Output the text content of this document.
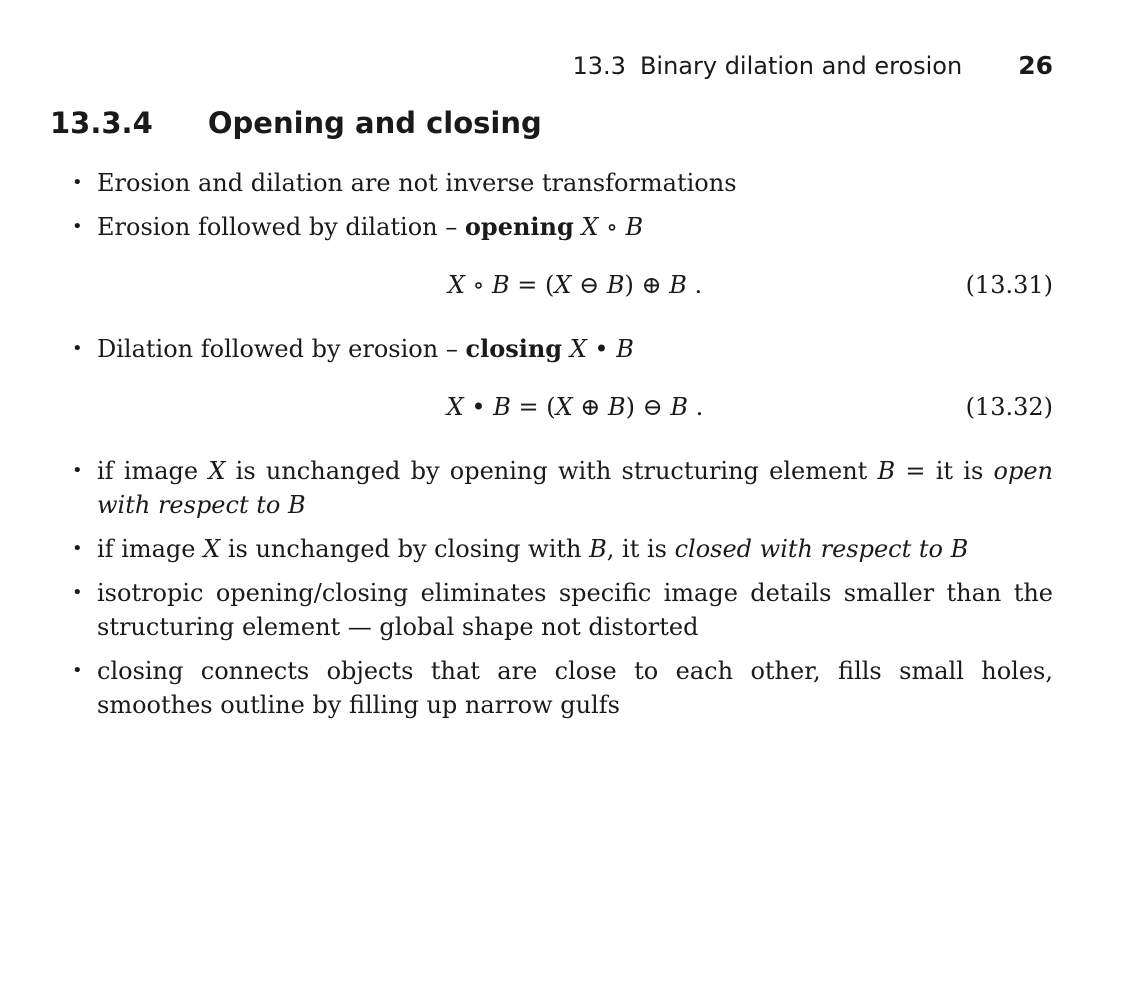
13.3 Binary dilation and erosion 26
13.3.4 Opening and closing
• Erosion and dilation are not inverse transformations
• Erosion followed by dilation – opening X ∘ B
X ∘ B = (X ⊖ B) ⊕ B .	(13.31)
• Dilation followed by erosion – closing X • B
X • B = (X ⊕ B) ⊖ B .	(13.32)
• if image X is unchanged by opening with structuring element B = it is open with respect to B
• if image X is unchanged by closing with B, it is closed with respect to B
• isotropic opening/closing eliminates specific image details smaller than the structuring element — global shape not distorted
• closing connects objects that are close to each other, fills small holes, smoothes outline by filling up narrow gulfs
